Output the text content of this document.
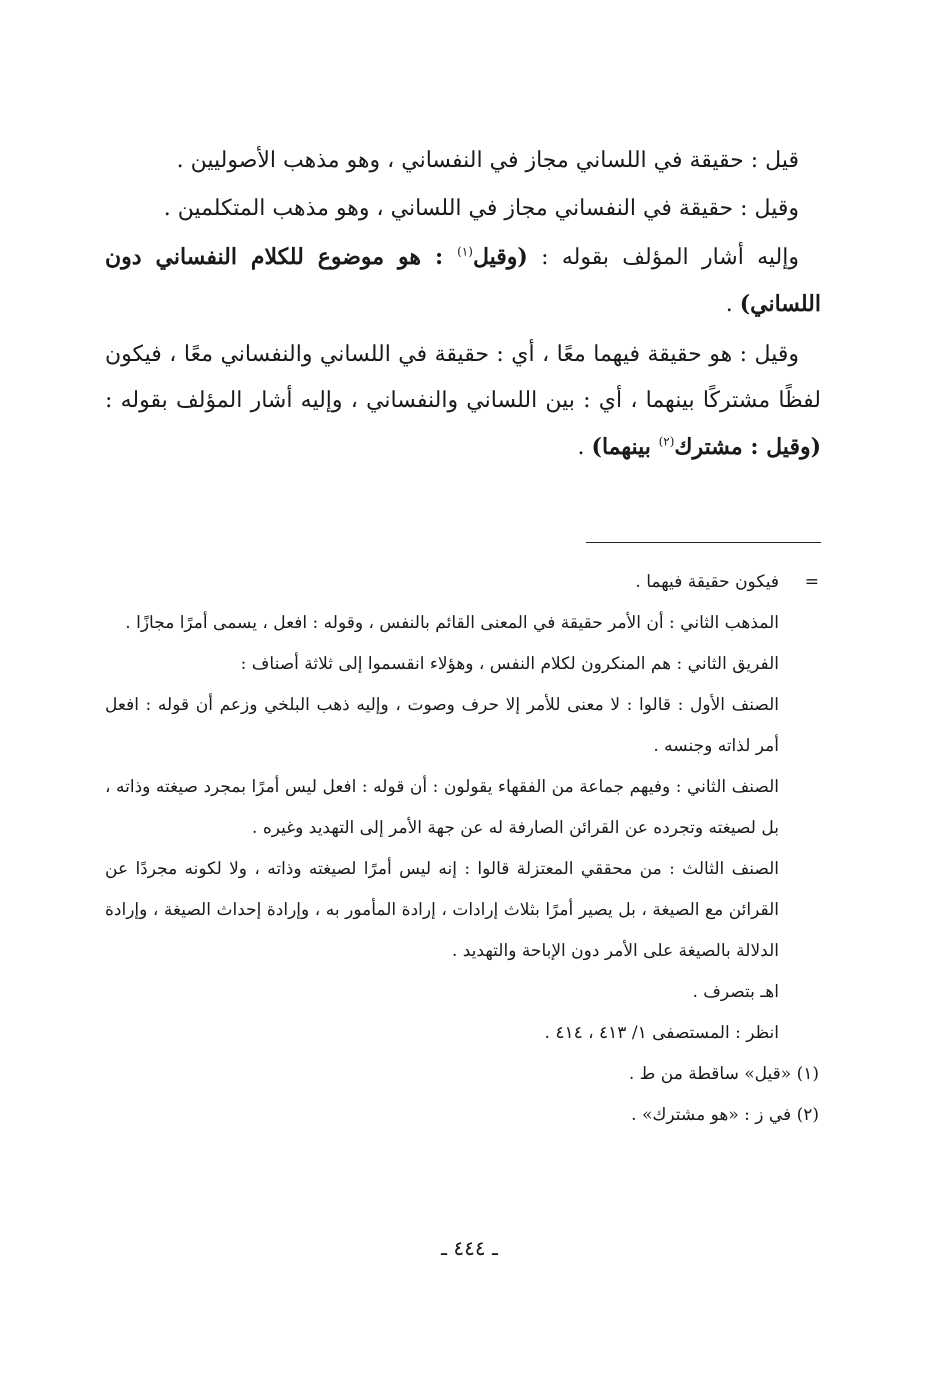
قيل : حقيقة في اللساني مجاز في النفساني ، وهو مذهب الأصوليين .

وقيل : حقيقة في النفساني مجاز في اللساني ، وهو مذهب المتكلمين .

وإليه أشار المؤلف بقوله : (وقيل$^{(١)}$ : هو موضوع للكلام النفساني دون اللساني) .

وقيل : هو حقيقة فيهما معًا ، أي : حقيقة في اللساني والنفساني معًا ، فيكون لفظًا مشتركًا بينهما ، أي : بين اللساني والنفساني ، وإليه أشار المؤلف بقوله : (وقيل : مشترك$^{(٢)}$ بينهما) .

=
فيكون حقيقة فيهما .

المذهب الثاني : أن الأمر حقيقة في المعنى القائم بالنفس ، وقوله : افعل ، يسمى أمرًا مجازًا .

الفريق الثاني : هم المنكرون لكلام النفس ، وهؤلاء انقسموا إلى ثلاثة أصناف :

الصنف الأول : قالوا : لا معنى للأمر إلا حرف وصوت ، وإليه ذهب البلخي وزعم أن قوله : افعل أمر لذاته وجنسه .

الصنف الثاني : وفيهم جماعة من الفقهاء يقولون : أن قوله : افعل ليس أمرًا بمجرد صيغته وذاته ، بل لصيغته وتجرده عن القرائن الصارفة له عن جهة الأمر إلى التهديد وغيره .

الصنف الثالث : من محققي المعتزلة قالوا : إنه ليس أمرًا لصيغته وذاته ، ولا لكونه مجردًا عن القرائن مع الصيغة ، بل يصير أمرًا بثلاث إرادات ، إرادة المأمور به ، وإرادة إحداث الصيغة ، وإرادة الدلالة بالصيغة على الأمر دون الإباحة والتهديد .

اهـ بتصرف .

انظر : المستصفى ١/ ٤١٣ ، ٤١٤ .

(١) «قيل» ساقطة من ط .

(٢) في ز : «هو مشترك» .

ـ ٤٤٤ ـ
